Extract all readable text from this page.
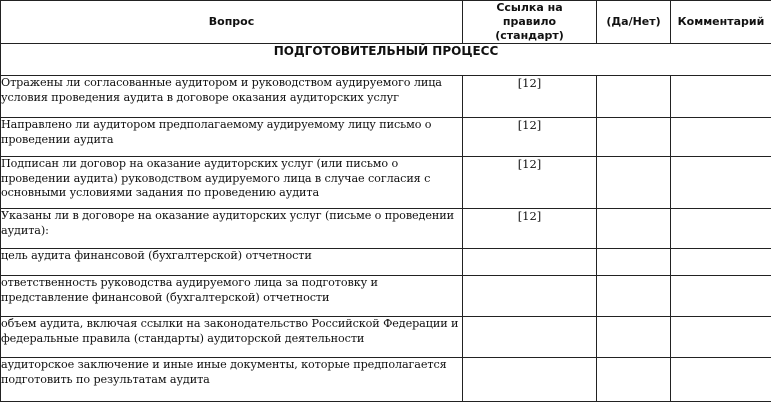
Вопрос	Ссылка на правило (стандарт)	(Да/Нет)	Комментарий
ПОДГОТОВИТЕЛЬНЫЙ ПРОЦЕСС			
Отражены ли согласованные аудитором и руководством аудируемого лица условия проведения аудита в договоре оказания аудиторских услуг	[12]		
Направлено ли аудитором предполагаемому аудируемому лицу письмо о проведении аудита	[12]		
Подписан ли договор на оказание аудиторских услуг (или письмо о проведении аудита) руководством аудируемого лица в случае согласия с основными условиями задания по проведению аудита	[12]		
Указаны ли в договоре на оказание аудиторских услуг (письме о проведении аудита):	[12]		
цель аудита финансовой (бухгалтерской) отчетности			
ответственность руководства аудируемого лица за подготовку и представление финансовой (бухгалтерской) отчетности			
объем аудита, включая ссылки на законодательство Российской Федерации и федеральные правила (стандарты) аудиторской деятельности			
аудиторское заключение и иные иные документы, которые предполагается подготовить по результатам аудита			
